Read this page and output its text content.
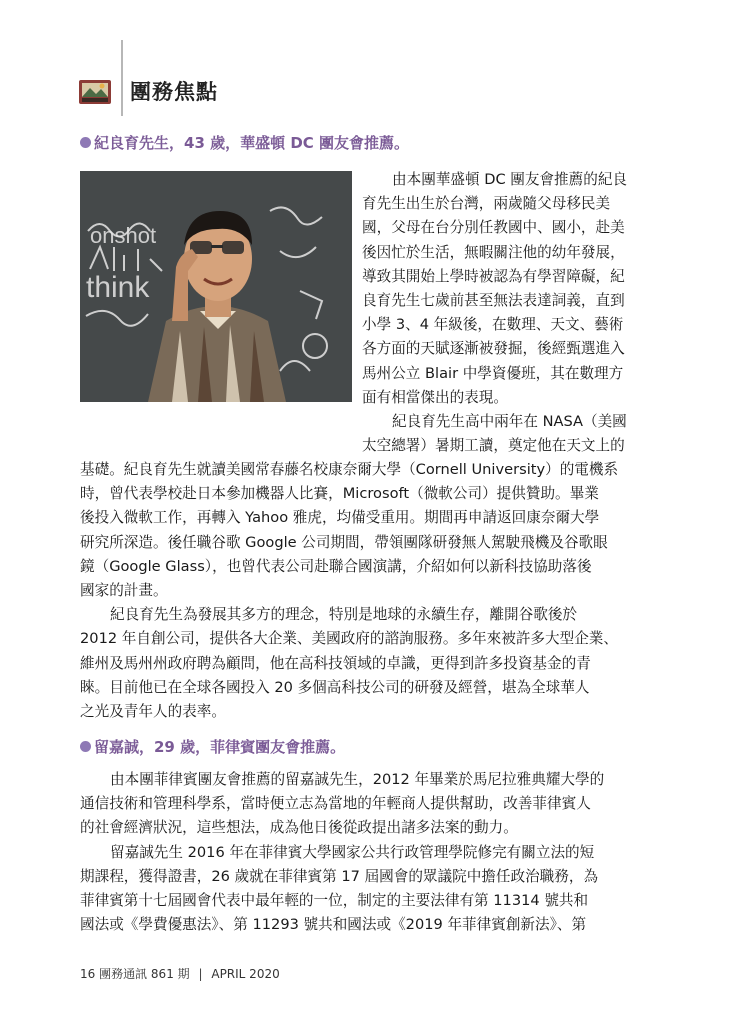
團務焦點
紀良育先生，43 歲，華盛頓 DC 團友會推薦。
onshot
think
由本團華盛頓 DC 團友會推薦的紀良
育先生出生於台灣，兩歲隨父母移民美
國，父母在台分別任教國中、國小，赴美
後因忙於生活，無暇關注他的幼年發展，
導致其開始上學時被認為有學習障礙，紀
良育先生七歲前甚至無法表達詞義，直到
小學 3、4 年級後，在數理、天文、藝術
各方面的天賦逐漸被發掘，後經甄選進入
馬州公立 Blair 中學資優班，其在數理方
面有相當傑出的表現。
紀良育先生高中兩年在 NASA（美國
太空總署）暑期工讀，奠定他在天文上的
基礎。紀良育先生就讀美國常春藤名校康奈爾大學（Cornell University）的電機系
時，曾代表學校赴日本參加機器人比賽，Microsoft（微軟公司）提供贊助。畢業
後投入微軟工作，再轉入 Yahoo 雅虎，均備受重用。期間再申請返回康奈爾大學
研究所深造。後任職谷歌 Google 公司期間，帶領團隊研發無人駕駛飛機及谷歌眼
鏡（Google Glass），也曾代表公司赴聯合國演講，介紹如何以新科技協助落後
國家的計畫。
紀良育先生為發展其多方的理念，特別是地球的永續生存，離開谷歌後於
2012 年自創公司，提供各大企業、美國政府的諮詢服務。多年來被許多大型企業、
維州及馬州州政府聘為顧問，他在高科技領域的卓識，更得到許多投資基金的青
睞。目前他已在全球各國投入 20 多個高科技公司的研發及經營，堪為全球華人
之光及青年人的表率。
留嘉誠，29 歲，菲律賓團友會推薦。
由本團菲律賓團友會推薦的留嘉誠先生，2012 年畢業於馬尼拉雅典耀大學的
通信技術和管理科學系，當時便立志為當地的年輕商人提供幫助，改善菲律賓人
的社會經濟狀況，這些想法，成為他日後從政提出諸多法案的動力。
留嘉誠先生 2016 年在菲律賓大學國家公共行政管理學院修完有關立法的短
期課程，獲得證書，26 歲就在菲律賓第 17 屆國會的眾議院中擔任政治職務，為
菲律賓第十七屆國會代表中最年輕的一位，制定的主要法律有第 11314 號共和
國法或《學費優惠法》、第 11293 號共和國法或《2019 年菲律賓創新法》、第
16 團務通訊 861 期 | APRIL 2020
